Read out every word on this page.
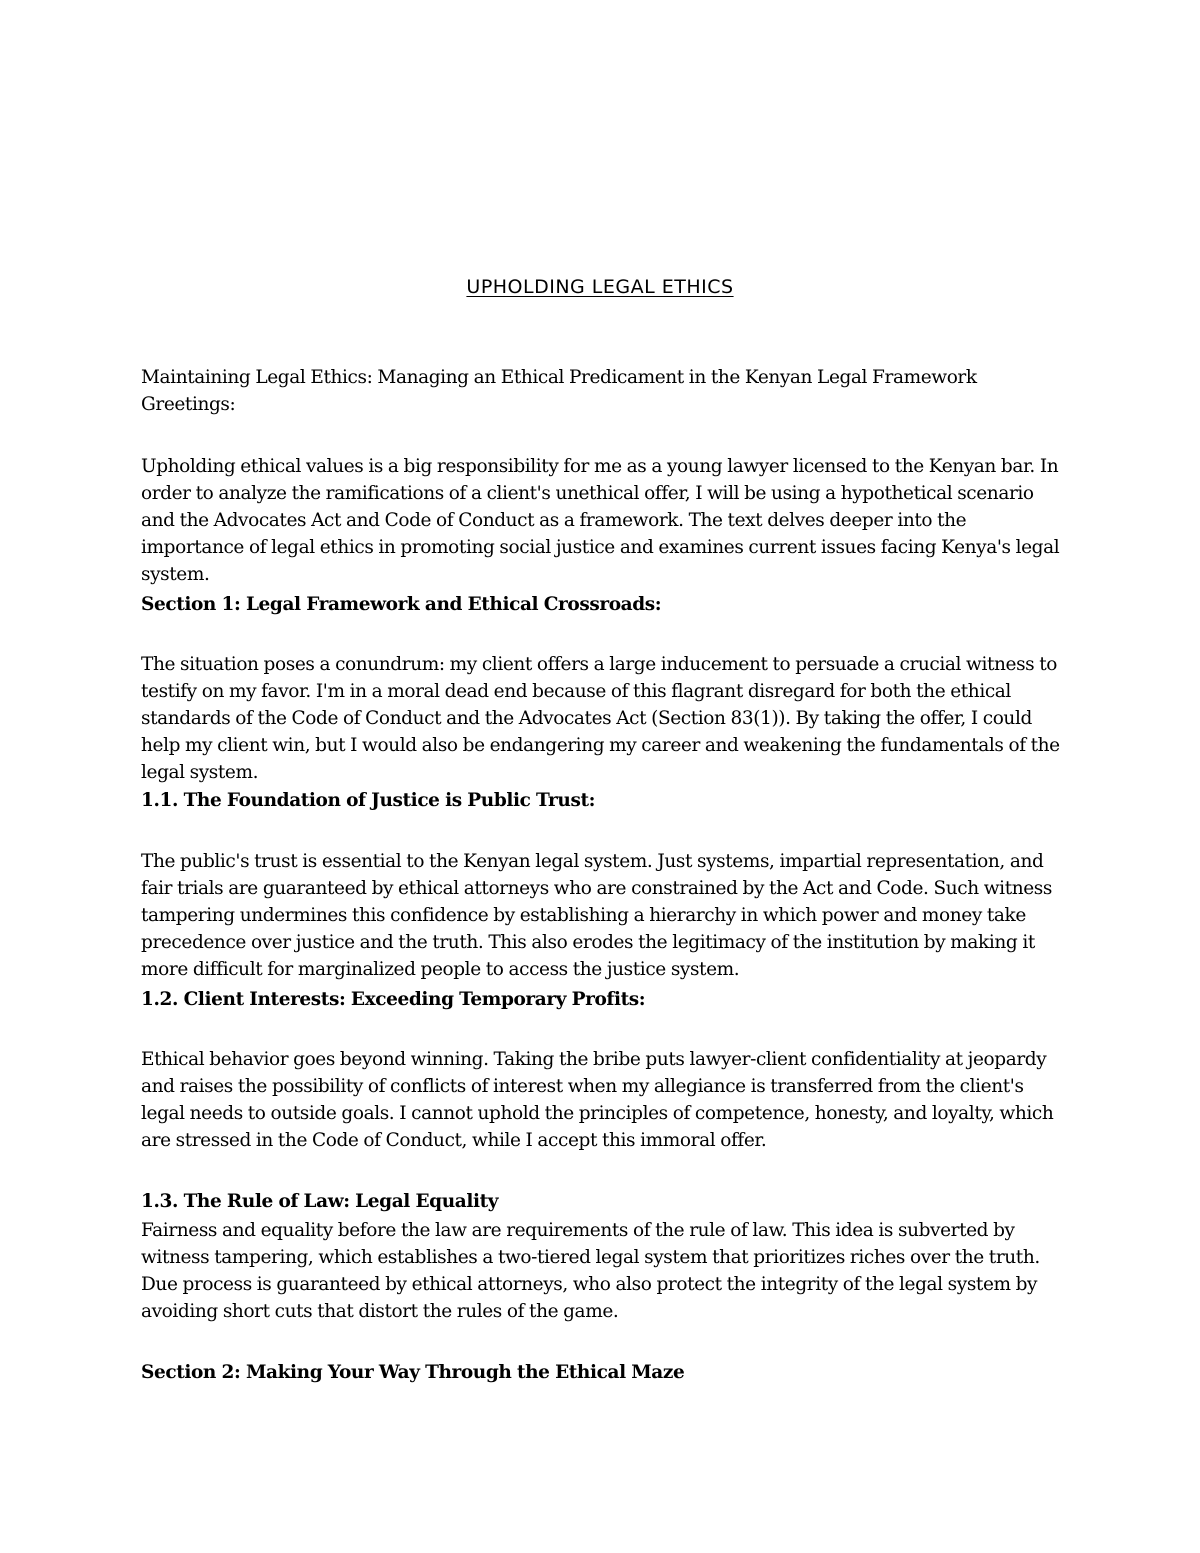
UPHOLDING LEGAL ETHICS

Maintaining Legal Ethics: Managing an Ethical Predicament in the Kenyan Legal Framework

Greetings:

Upholding ethical values is a big responsibility for me as a young lawyer licensed to the Kenyan bar. In order to analyze the ramifications of a client's unethical offer, I will be using a hypothetical scenario and the Advocates Act and Code of Conduct as a framework. The text delves deeper into the importance of legal ethics in promoting social justice and examines current issues facing Kenya's legal system.

Section 1: Legal Framework and Ethical Crossroads:

The situation poses a conundrum: my client offers a large inducement to persuade a crucial witness to testify on my favor. I'm in a moral dead end because of this flagrant disregard for both the ethical standards of the Code of Conduct and the Advocates Act (Section 83(1)). By taking the offer, I could help my client win, but I would also be endangering my career and weakening the fundamentals of the legal system.

1.1. The Foundation of Justice is Public Trust:

The public's trust is essential to the Kenyan legal system. Just systems, impartial representation, and fair trials are guaranteed by ethical attorneys who are constrained by the Act and Code. Such witness tampering undermines this confidence by establishing a hierarchy in which power and money take precedence over justice and the truth. This also erodes the legitimacy of the institution by making it more difficult for marginalized people to access the justice system.

1.2. Client Interests: Exceeding Temporary Profits:

Ethical behavior goes beyond winning. Taking the bribe puts lawyer-client confidentiality at jeopardy and raises the possibility of conflicts of interest when my allegiance is transferred from the client's legal needs to outside goals. I cannot uphold the principles of competence, honesty, and loyalty, which are stressed in the Code of Conduct, while I accept this immoral offer.

1.3. The Rule of Law: Legal Equality

Fairness and equality before the law are requirements of the rule of law. This idea is subverted by witness tampering, which establishes a two-tiered legal system that prioritizes riches over the truth. Due process is guaranteed by ethical attorneys, who also protect the integrity of the legal system by avoiding short cuts that distort the rules of the game.

Section 2: Making Your Way Through the Ethical Maze
